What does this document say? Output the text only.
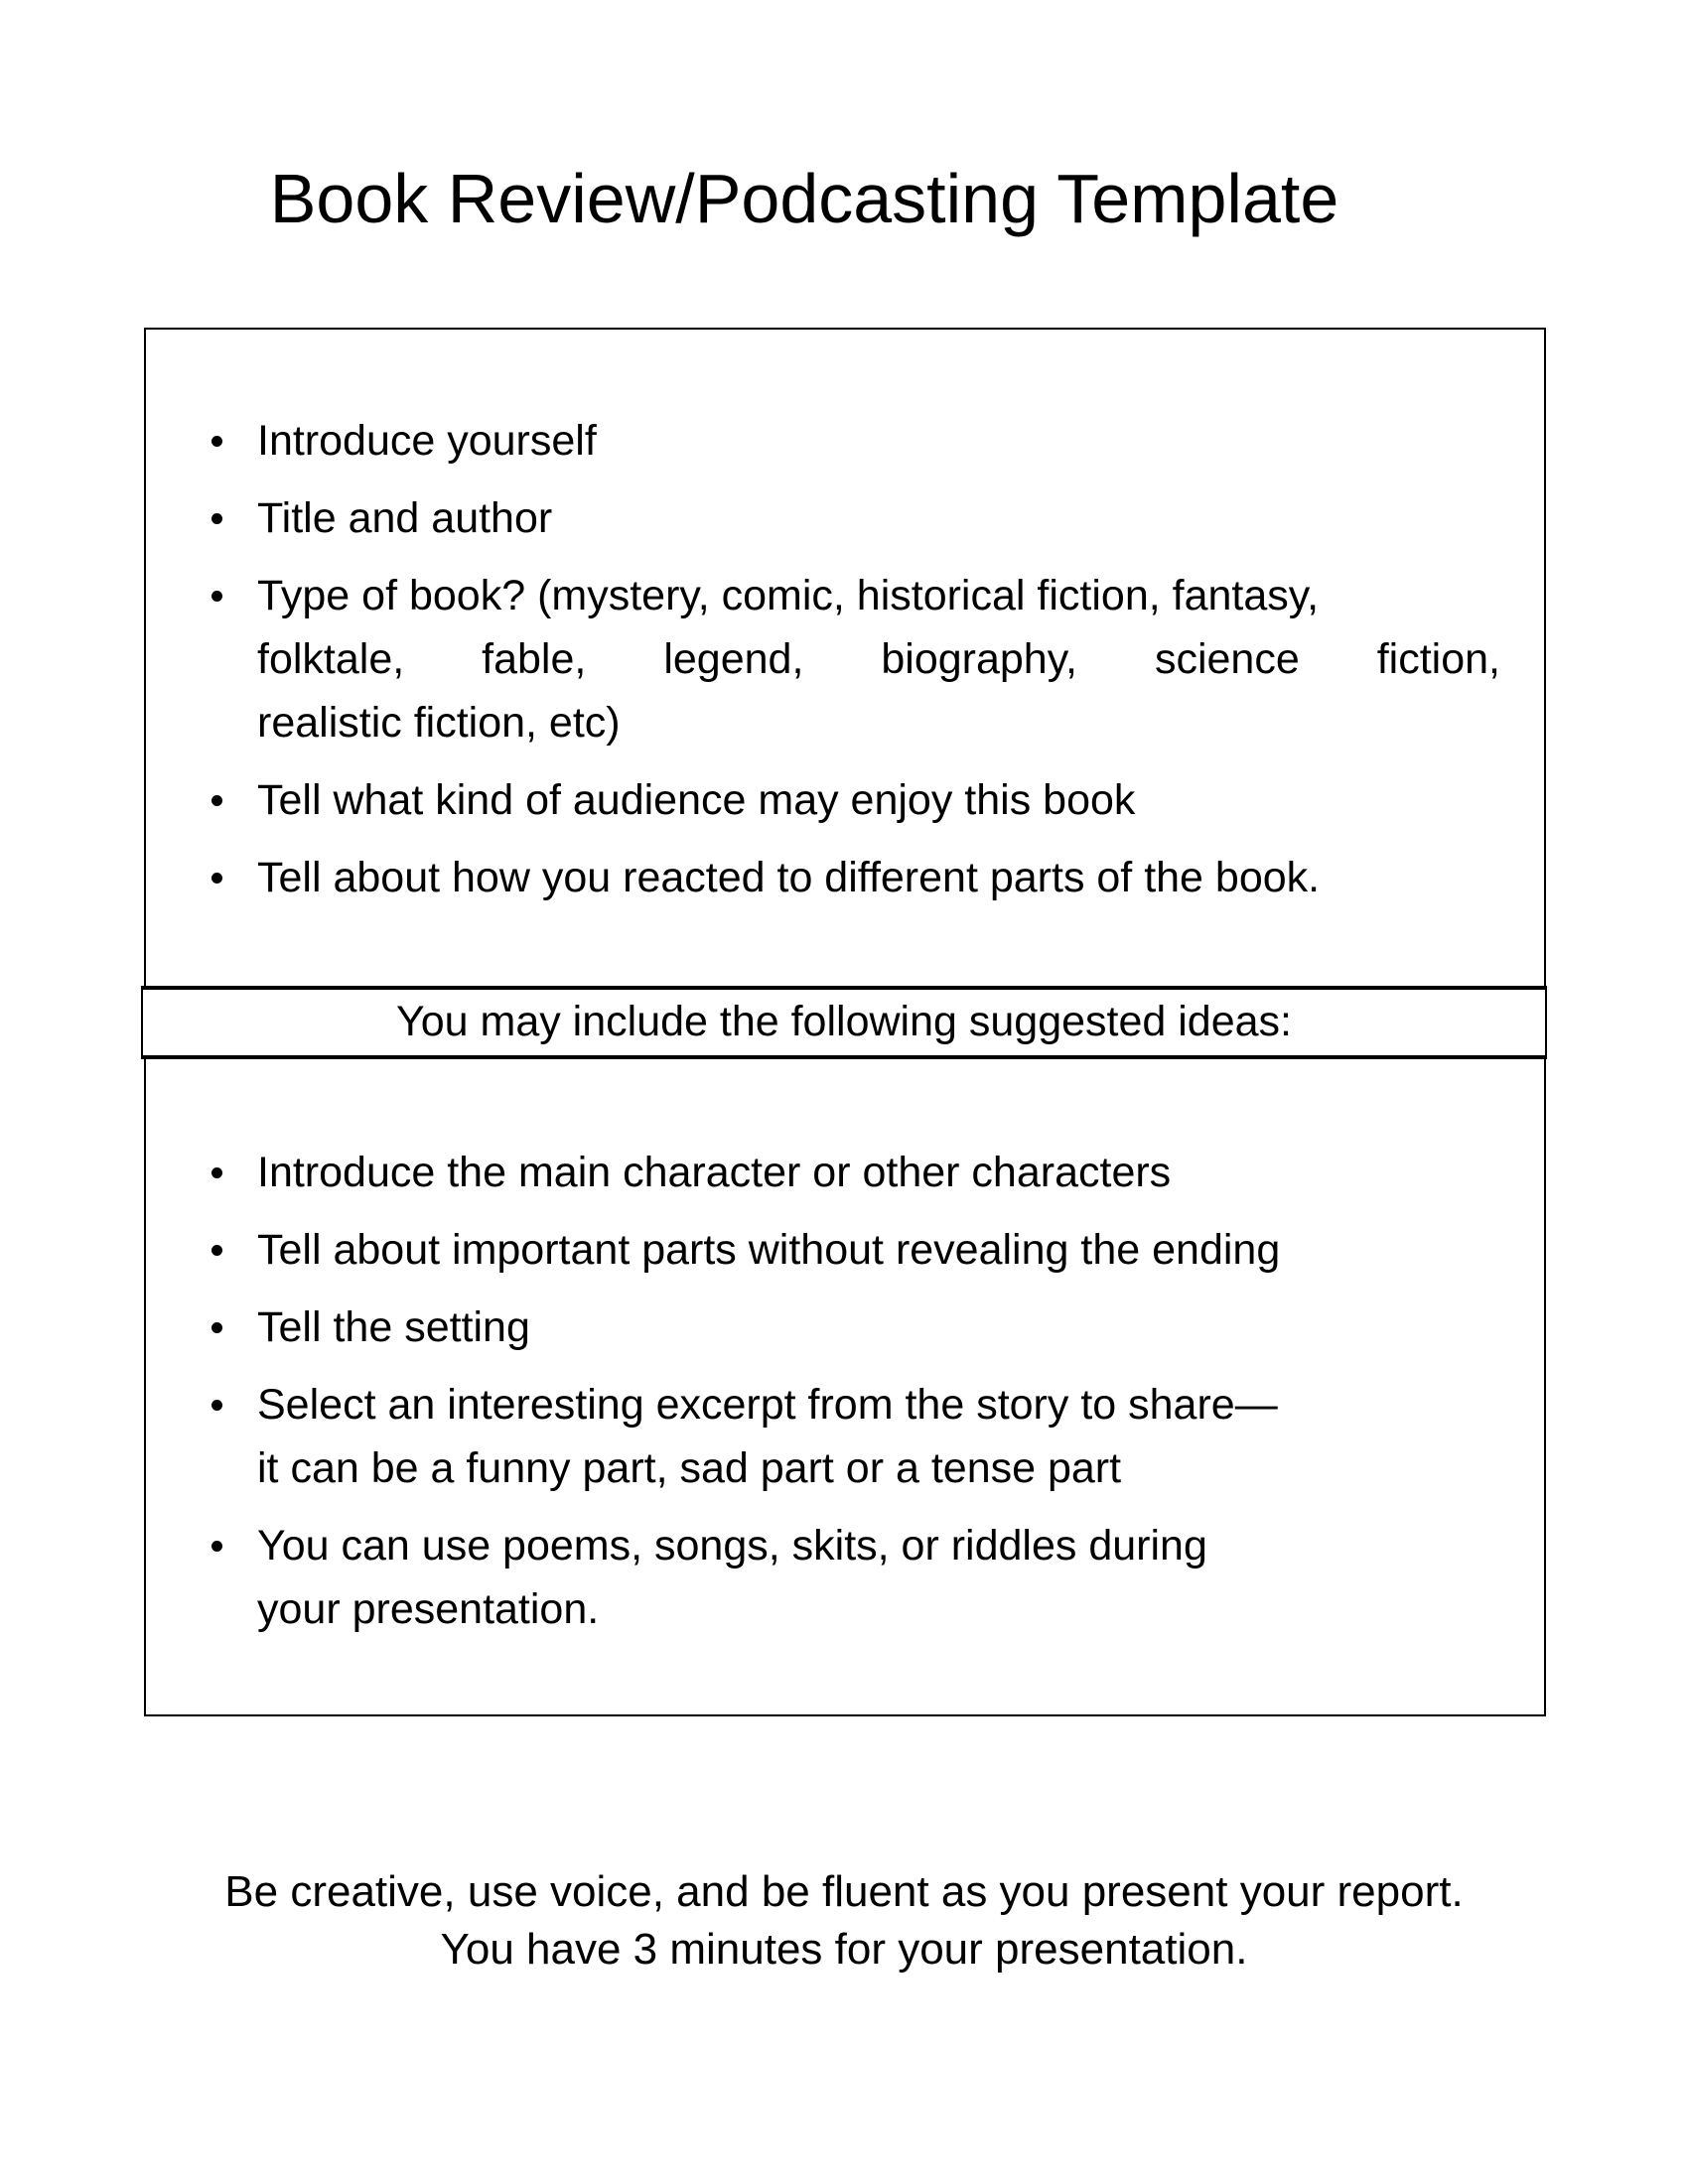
Book Review/Podcasting Template
Introduce yourself
Title and author
Type of book? (mystery, comic, historical fiction, fantasy,
folktale, fable, legend, biography, science fiction,
realistic fiction, etc)
Tell what kind of audience may enjoy this book
Tell about how you reacted to different parts of the book.
You may include the following suggested ideas:
Introduce the main character or other characters
Tell about important parts without revealing the ending
Tell the setting
Select an interesting excerpt from the story to share—
it can be a funny part, sad part or a tense part
You can use poems, songs, skits, or riddles during
your presentation.
Be creative, use voice, and be fluent as you present your report.
You have 3 minutes for your presentation.
